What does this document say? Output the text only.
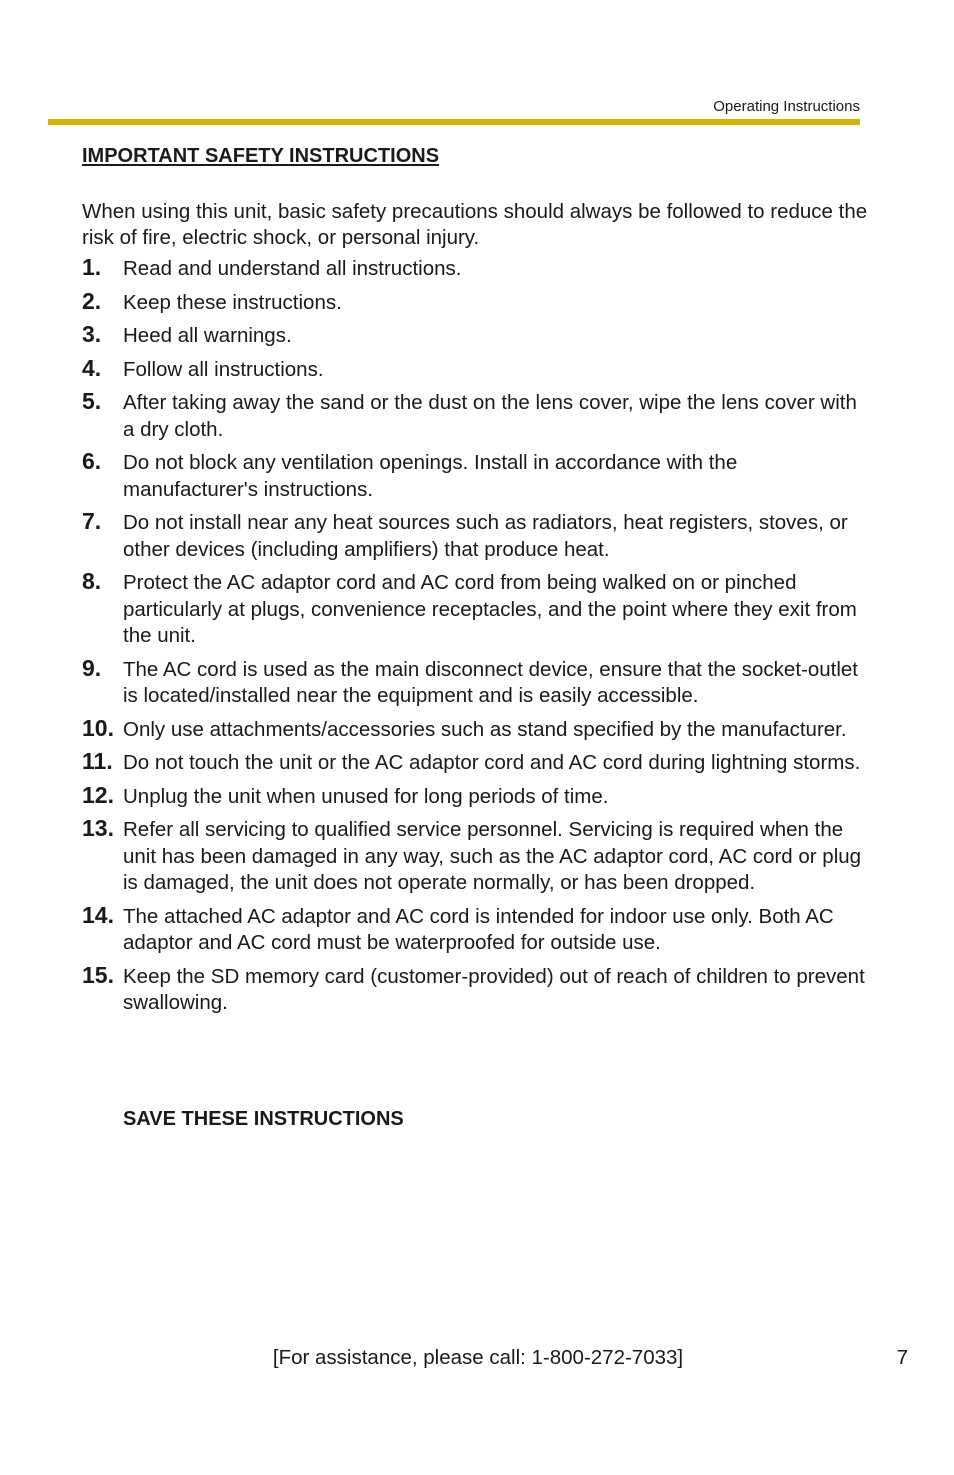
Operating Instructions
IMPORTANT SAFETY INSTRUCTIONS
When using this unit, basic safety precautions should always be followed to reduce the risk of fire, electric shock, or personal injury.
1.	Read and understand all instructions.
2.	Keep these instructions.
3.	Heed all warnings.
4.	Follow all instructions.
5.	After taking away the sand or the dust on the lens cover, wipe the lens cover with a dry cloth.
6.	Do not block any ventilation openings. Install in accordance with the manufacturer's instructions.
7.	Do not install near any heat sources such as radiators, heat registers, stoves, or other devices (including amplifiers) that produce heat.
8.	Protect the AC adaptor cord and AC cord from being walked on or pinched particularly at plugs, convenience receptacles, and the point where they exit from the unit.
9.	The AC cord is used as the main disconnect device, ensure that the socket-outlet is located/installed near the equipment and is easily accessible.
10. Only use attachments/accessories such as stand specified by the manufacturer.
11. Do not touch the unit or the AC adaptor cord and AC cord during lightning storms.
12. Unplug the unit when unused for long periods of time.
13. Refer all servicing to qualified service personnel. Servicing is required when the unit has been damaged in any way, such as the AC adaptor cord, AC cord or plug is damaged, the unit does not operate normally, or has been dropped.
14. The attached AC adaptor and AC cord is intended for indoor use only. Both AC adaptor and AC cord must be waterproofed for outside use.
15. Keep the SD memory card (customer-provided) out of reach of children to prevent swallowing.
SAVE THESE INSTRUCTIONS
[For assistance, please call: 1-800-272-7033]	7
